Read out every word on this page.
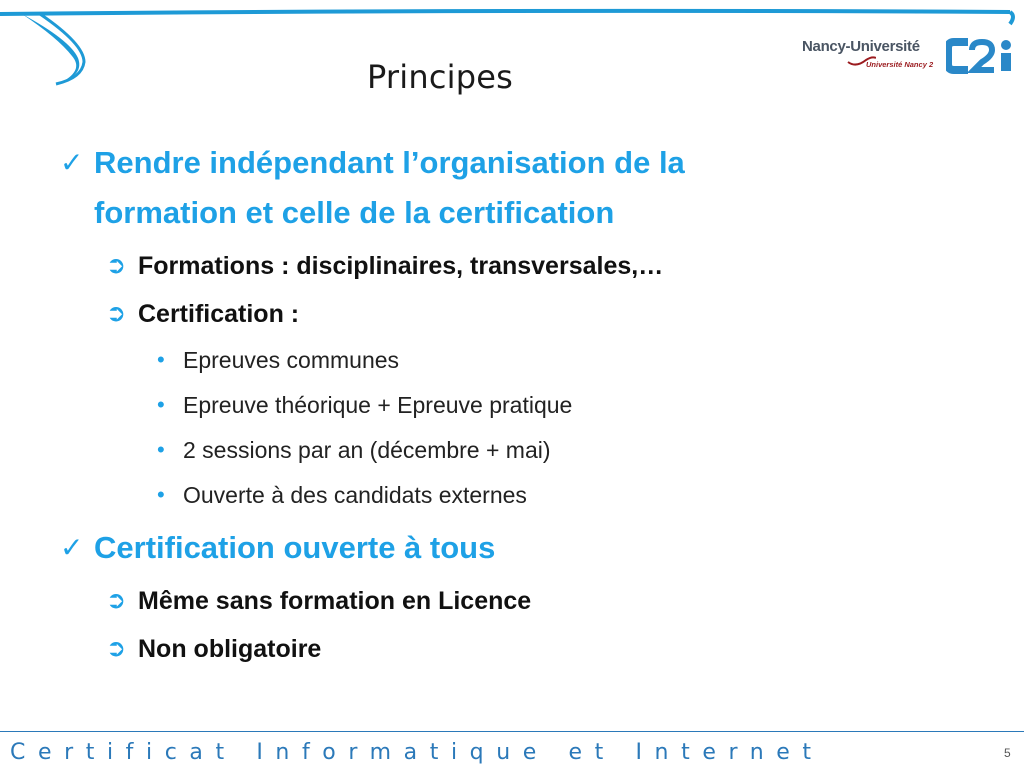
Nancy-Université
Université Nancy 2
Principes
✓ Rendre indépendant l’organisation de la
formation et celle de la certification
➲ Formations : disciplinaires, transversales,…
➲ Certification :
• Epreuves communes
• Epreuve théorique + Epreuve pratique
• 2 sessions par an (décembre + mai)
• Ouverte à des candidats externes
✓ Certification ouverte à tous
➲ Même sans formation en Licence
➲ Non obligatoire
Certificat Informatique et Internet	5
